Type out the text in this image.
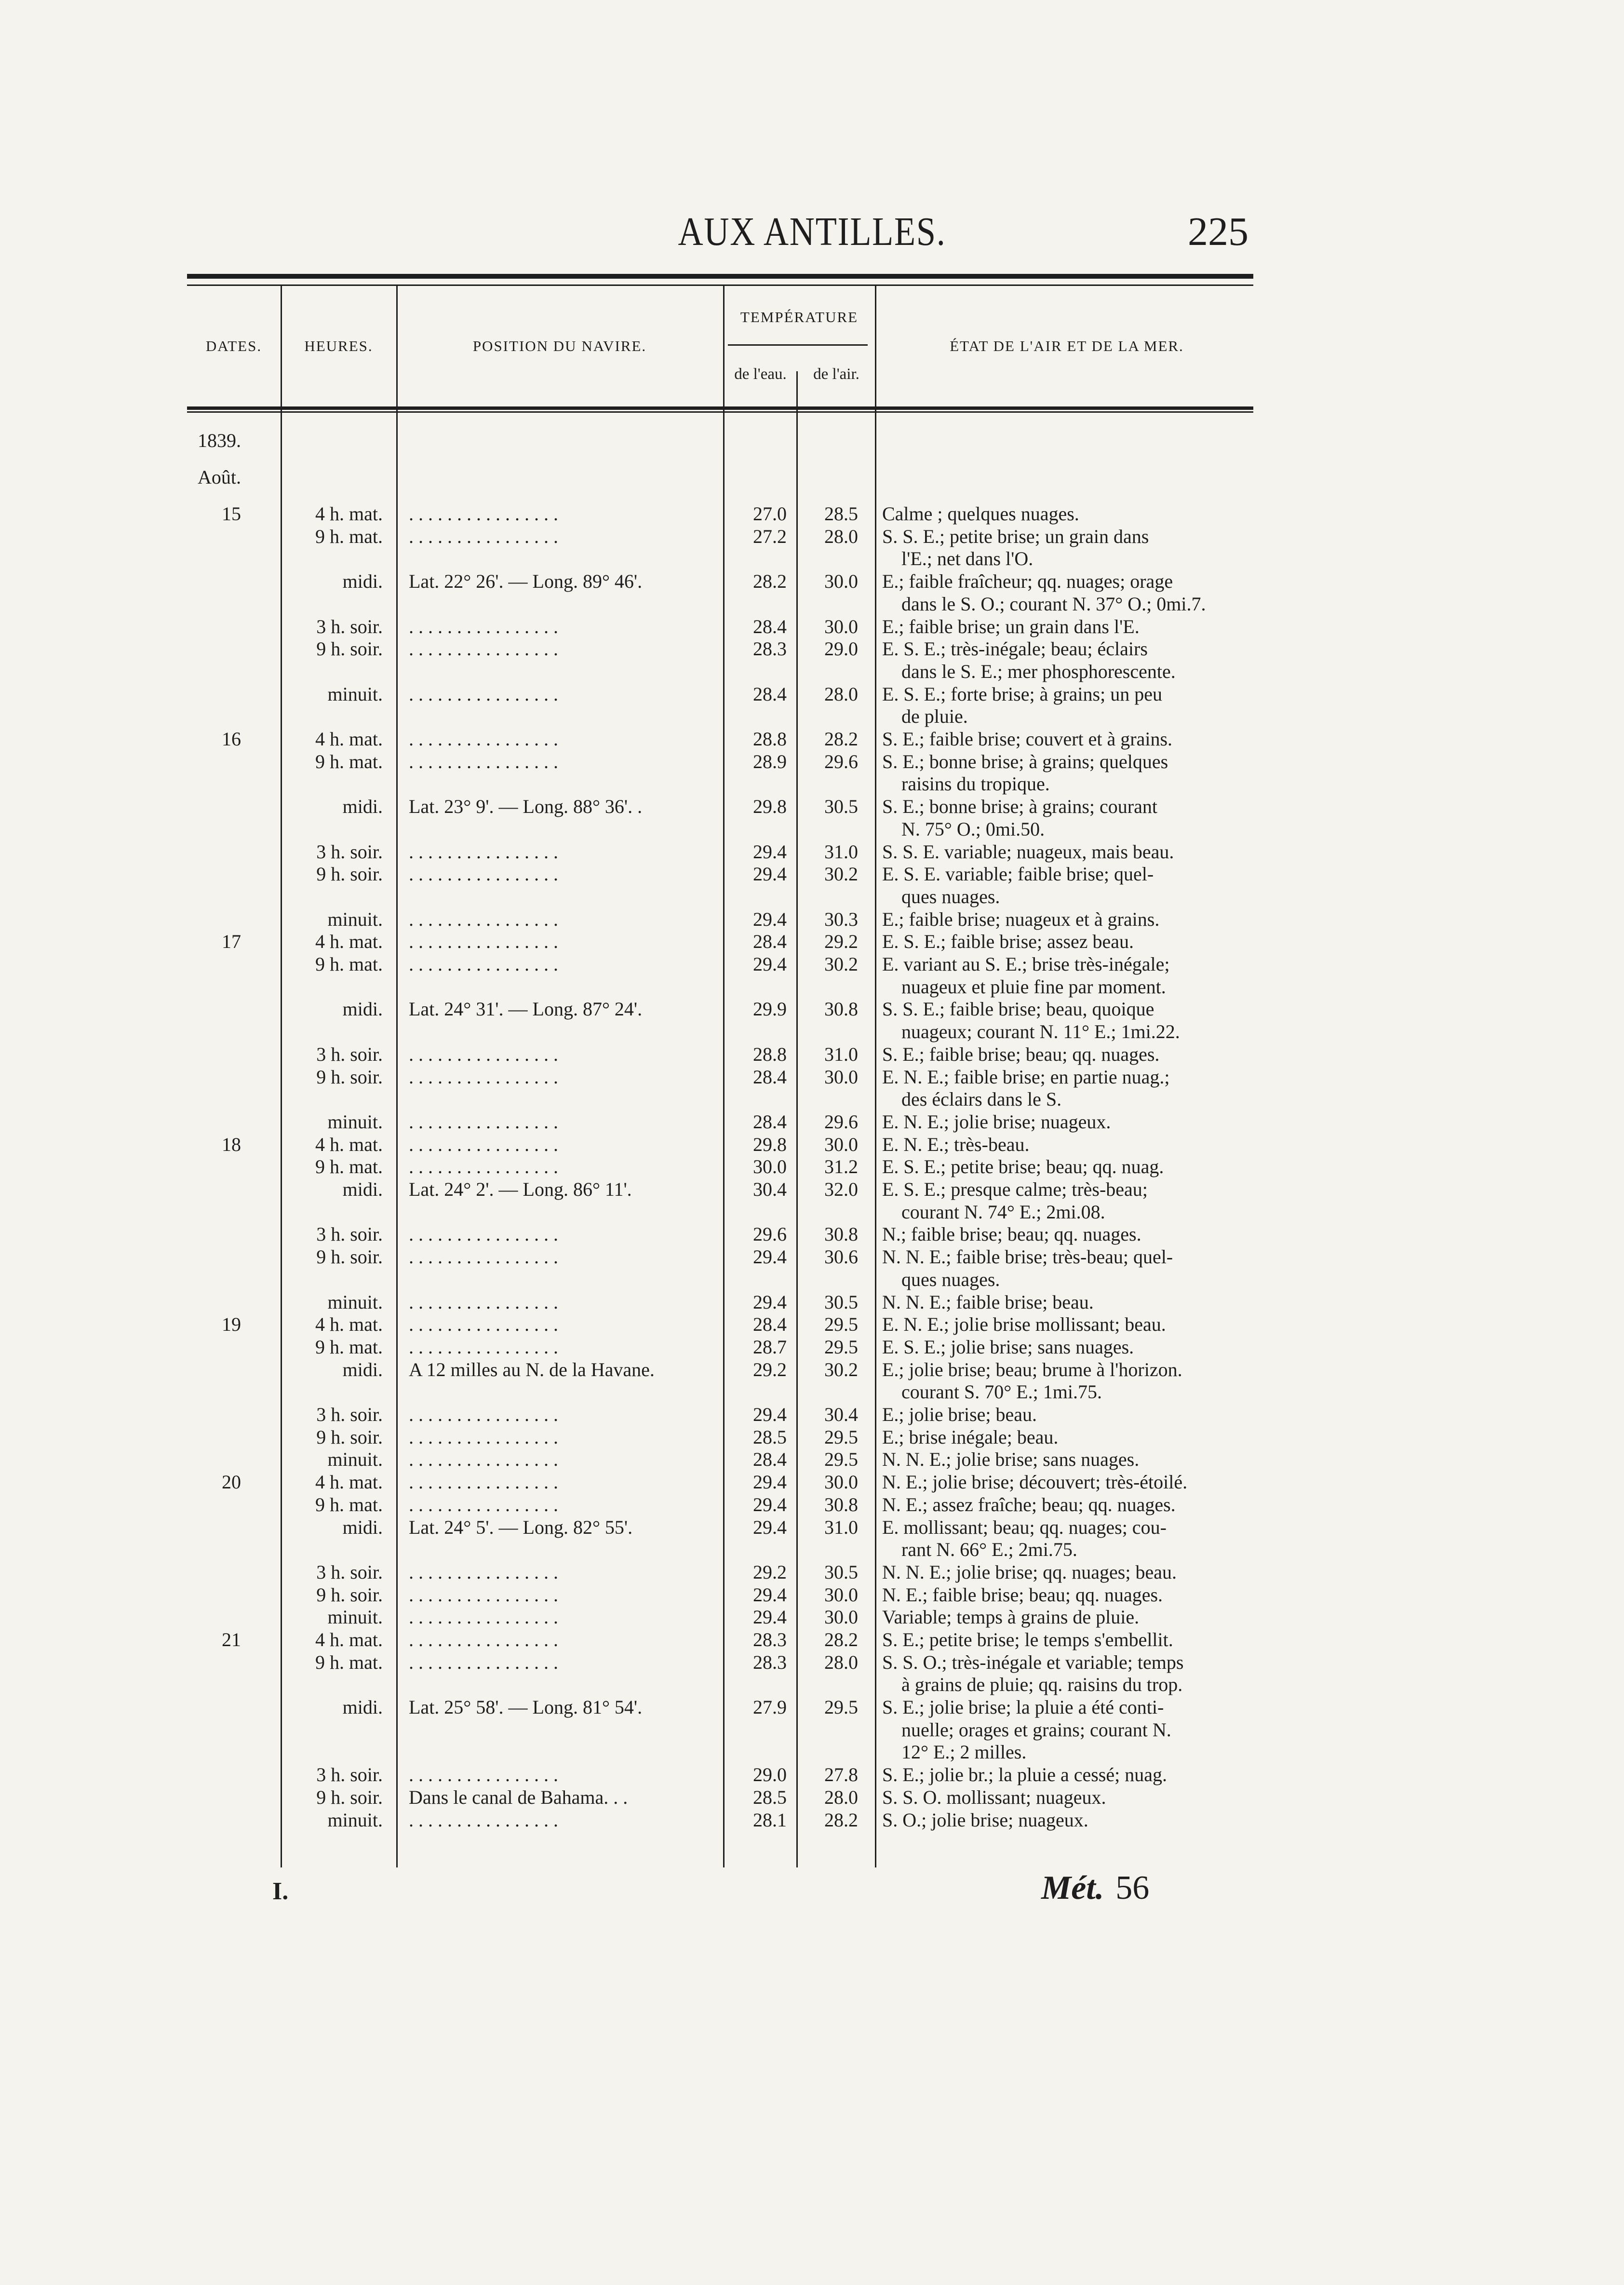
AUX ANTILLES.	225
DATES.	HEURES.	POSITION DU NAVIRE.
TEMPÉRATURE
de l'eau.	de l'air.
ÉTAT DE L'AIR ET DE LA MER.
1839.
Août.
15	4 h. mat. . . . . . . . . . . . . . . . .	27.0	28.5 Calme ; quelques nuages.
9 h. mat. . . . . . . . . . . . . . . . .	27.2	28.0 S. S. E.; petite brise; un grain dans
l'E.; net dans l'O.
midi. Lat. 22° 26'. — Long. 89° 46'.	28.2	30.0 E.; faible fraîcheur; qq. nuages; orage
dans le S. O.; courant N. 37° O.; 0mi.7.
3 h. soir. . . . . . . . . . . . . . . . .	28.4	30.0 E.; faible brise; un grain dans l'E.
9 h. soir. . . . . . . . . . . . . . . . .	28.3	29.0 E. S. E.; très-inégale; beau; éclairs
dans le S. E.; mer phosphorescente.
minuit. . . . . . . . . . . . . . . . .	28.4	28.0 E. S. E.; forte brise; à grains; un peu
de pluie.
16	4 h. mat. . . . . . . . . . . . . . . . .	28.8	28.2 S. E.; faible brise; couvert et à grains.
9 h. mat. . . . . . . . . . . . . . . . .	28.9	29.6 S. E.; bonne brise; à grains; quelques
raisins du tropique.
midi. Lat. 23° 9'. — Long. 88° 36'. .	29.8	30.5 S. E.; bonne brise; à grains; courant
N. 75° O.; 0mi.50.
3 h. soir. . . . . . . . . . . . . . . . .	29.4	31.0 S. S. E. variable; nuageux, mais beau.
9 h. soir. . . . . . . . . . . . . . . . .	29.4	30.2 E. S. E. variable; faible brise; quel-
ques nuages.
minuit. . . . . . . . . . . . . . . . .	29.4	30.3 E.; faible brise; nuageux et à grains.
17	4 h. mat. . . . . . . . . . . . . . . . .	28.4	29.2 E. S. E.; faible brise; assez beau.
9 h. mat. . . . . . . . . . . . . . . . .	29.4	30.2 E. variant au S. E.; brise très-inégale;
nuageux et pluie fine par moment.
midi. Lat. 24° 31'. — Long. 87° 24'.	29.9	30.8 S. S. E.; faible brise; beau, quoique
nuageux; courant N. 11° E.; 1mi.22.
3 h. soir. . . . . . . . . . . . . . . . .	28.8	31.0 S. E.; faible brise; beau; qq. nuages.
9 h. soir. . . . . . . . . . . . . . . . .	28.4	30.0 E. N. E.; faible brise; en partie nuag.;
des éclairs dans le S.
minuit. . . . . . . . . . . . . . . . .	28.4	29.6 E. N. E.; jolie brise; nuageux.
18	4 h. mat. . . . . . . . . . . . . . . . .	29.8	30.0 E. N. E.; très-beau.
9 h. mat. . . . . . . . . . . . . . . . .	30.0	31.2 E. S. E.; petite brise; beau; qq. nuag.
midi. Lat. 24° 2'. — Long. 86° 11'.	30.4	32.0 E. S. E.; presque calme; très-beau;
courant N. 74° E.; 2mi.08.
3 h. soir. . . . . . . . . . . . . . . . .	29.6	30.8 N.; faible brise; beau; qq. nuages.
9 h. soir. . . . . . . . . . . . . . . . .	29.4	30.6 N. N. E.; faible brise; très-beau; quel-
ques nuages.
minuit. . . . . . . . . . . . . . . . .	29.4	30.5 N. N. E.; faible brise; beau.
19	4 h. mat. . . . . . . . . . . . . . . . .	28.4	29.5 E. N. E.; jolie brise mollissant; beau.
9 h. mat. . . . . . . . . . . . . . . . .	28.7	29.5 E. S. E.; jolie brise; sans nuages.
midi. A 12 milles au N. de la Havane.	29.2	30.2 E.; jolie brise; beau; brume à l'horizon.
courant S. 70° E.; 1mi.75.
3 h. soir. . . . . . . . . . . . . . . . .	29.4	30.4 E.; jolie brise; beau.
9 h. soir. . . . . . . . . . . . . . . . .	28.5	29.5 E.; brise inégale; beau.
minuit. . . . . . . . . . . . . . . . .	28.4	29.5 N. N. E.; jolie brise; sans nuages.
20	4 h. mat. . . . . . . . . . . . . . . . .	29.4	30.0 N. E.; jolie brise; découvert; très-étoilé.
9 h. mat. . . . . . . . . . . . . . . . .	29.4	30.8 N. E.; assez fraîche; beau; qq. nuages.
midi. Lat. 24° 5'. — Long. 82° 55'.	29.4	31.0 E. mollissant; beau; qq. nuages; cou-
rant N. 66° E.; 2mi.75.
3 h. soir. . . . . . . . . . . . . . . . .	29.2	30.5 N. N. E.; jolie brise; qq. nuages; beau.
9 h. soir. . . . . . . . . . . . . . . . .	29.4	30.0 N. E.; faible brise; beau; qq. nuages.
minuit. . . . . . . . . . . . . . . . .	29.4	30.0 Variable; temps à grains de pluie.
21	4 h. mat. . . . . . . . . . . . . . . . .	28.3	28.2 S. E.; petite brise; le temps s'embellit.
9 h. mat. . . . . . . . . . . . . . . . .	28.3	28.0 S. S. O.; très-inégale et variable; temps
à grains de pluie; qq. raisins du trop.
midi. Lat. 25° 58'. — Long. 81° 54'.	27.9	29.5 S. E.; jolie brise; la pluie a été conti-
nuelle; orages et grains; courant N.
12° E.; 2 milles.
3 h. soir. . . . . . . . . . . . . . . . .	29.0	27.8 S. E.; jolie br.; la pluie a cessé; nuag.
9 h. soir. Dans le canal de Bahama. . .	28.5	28.0 S. S. O. mollissant; nuageux.
minuit. . . . . . . . . . . . . . . . .	28.1	28.2 S. O.; jolie brise; nuageux.
I.	Mét. 56
